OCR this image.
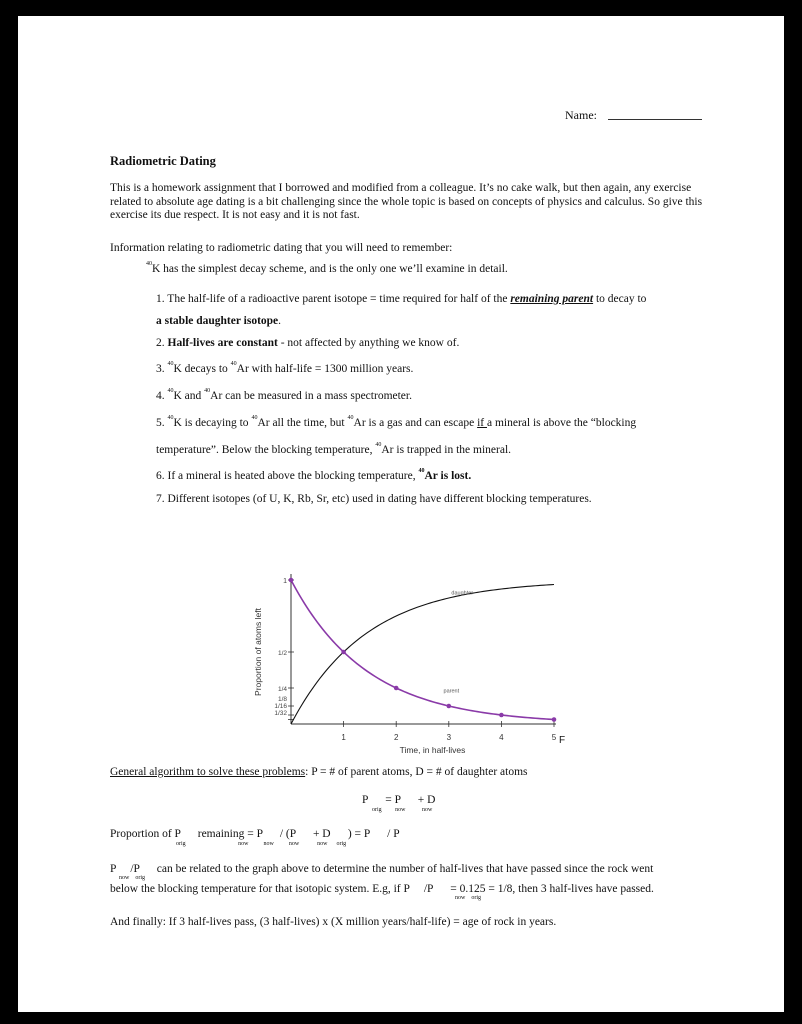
Name:
Radiometric Dating
This is a homework assignment that I borrowed and modified from a colleague. It’s no cake walk, but then again, any exercise related to absolute age dating is a bit challenging since the whole topic is based on concepts of physics and calculus. So give this exercise its due respect. It is not easy and it is not fast.
Information relating to radiometric dating that you will need to remember:
$^{40}$K has the simplest decay scheme, and is the only one we’ll examine in detail.
1. The half-life of a radioactive parent isotope = time required for half of the remaining parent to decay to
a stable daughter isotope.
2. Half-lives are constant - not affected by anything we know of.
3. $^{40}$K decays to $^{40}$Ar with half-life = 1300 million years.
4. $^{40}$K and $^{40}$Ar can be measured in a mass spectrometer.
5. $^{40}$K is decaying to $^{40}$Ar all the time, but $^{40}$Ar is a gas and can escape if a mineral is above the “blocking
temperature”. Below the blocking temperature, $^{40}$Ar is trapped in the mineral.
6. If a mineral is heated above the blocking temperature, $^{40}$Ar is lost.
7. Different isotopes (of U, K, Rb, Sr, etc) used in dating have different blocking temperatures.
1
1/2
1/4
1/8
1/16
1/32
1	2	3	4	5
Time, in half-lives
Proportion of atoms left
daughter
parent
F
General algorithm to solve these problems: P = # of parent atoms, D = # of daughter atoms
P      = P      + D
orig         now           now
Proportion of P      remaining = P      / (P      + D      ) = P      / P
orig                                   now          now          now            now      orig
P     /P      can be related to the graph above to determine the number of half-lives that have passed since the rock went
now    orig
below the blocking temperature for that isotopic system. E.g, if P     /P      = 0.125 = 1/8, then 3 half-lives have passed.
now    orig
And finally: If 3 half-lives pass, (3 half-lives) x (X million years/half-life) = age of rock in years.
